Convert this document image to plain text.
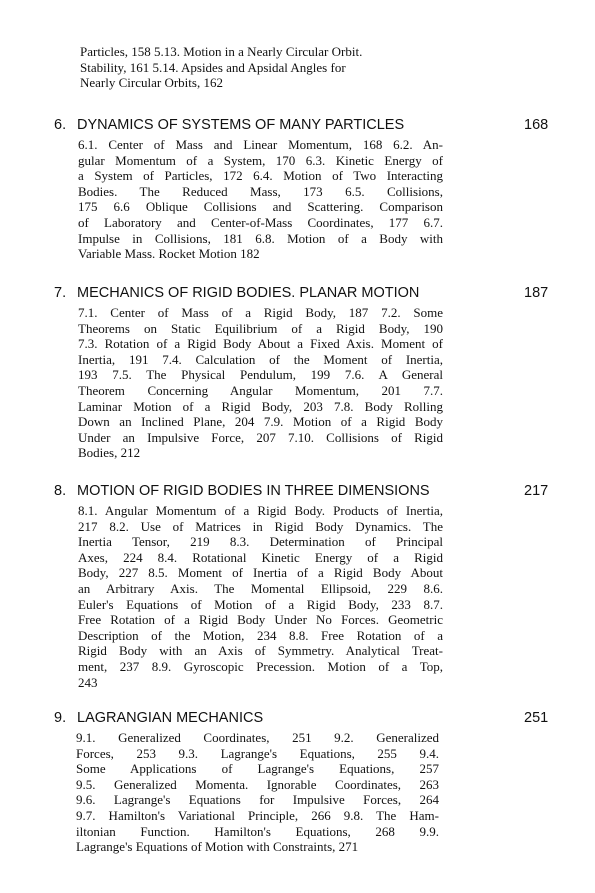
Particles, 158 5.13. Motion in a Nearly Circular Orbit.
Stability, 161 5.14. Apsides and Apsidal Angles for
Nearly Circular Orbits, 162
6. DYNAMICS OF SYSTEMS OF MANY PARTICLES	168
6.1. Center of Mass and Linear Momentum, 168 6.2. An-
gular Momentum of a System, 170 6.3. Kinetic Energy of
a System of Particles, 172 6.4. Motion of Two Interacting
Bodies. The Reduced Mass, 173 6.5. Collisions,
175 6.6 Oblique Collisions and Scattering. Comparison
of Laboratory and Center-of-Mass Coordinates, 177 6.7.
Impulse in Collisions, 181 6.8. Motion of a Body with
Variable Mass. Rocket Motion 182
7. MECHANICS OF RIGID BODIES. PLANAR MOTION	187
7.1. Center of Mass of a Rigid Body, 187 7.2. Some
Theorems on Static Equilibrium of a Rigid Body, 190
7.3. Rotation of a Rigid Body About a Fixed Axis. Moment of
Inertia, 191 7.4. Calculation of the Moment of Inertia,
193 7.5. The Physical Pendulum, 199 7.6. A General
Theorem Concerning Angular Momentum, 201 7.7.
Laminar Motion of a Rigid Body, 203 7.8. Body Rolling
Down an Inclined Plane, 204 7.9. Motion of a Rigid Body
Under an Impulsive Force, 207 7.10. Collisions of Rigid
Bodies, 212
8. MOTION OF RIGID BODIES IN THREE DIMENSIONS	217
8.1. Angular Momentum of a Rigid Body. Products of Inertia,
217 8.2. Use of Matrices in Rigid Body Dynamics. The
Inertia Tensor, 219 8.3. Determination of Principal
Axes, 224 8.4. Rotational Kinetic Energy of a Rigid
Body, 227 8.5. Moment of Inertia of a Rigid Body About
an Arbitrary Axis. The Momental Ellipsoid, 229 8.6.
Euler's Equations of Motion of a Rigid Body, 233 8.7.
Free Rotation of a Rigid Body Under No Forces. Geometric
Description of the Motion, 234 8.8. Free Rotation of a
Rigid Body with an Axis of Symmetry. Analytical Treat-
ment, 237 8.9. Gyroscopic Precession. Motion of a Top,
243
9. LAGRANGIAN MECHANICS	251
9.1. Generalized Coordinates, 251 9.2. Generalized
Forces, 253 9.3. Lagrange's Equations, 255 9.4.
Some Applications of Lagrange's Equations, 257
9.5. Generalized Momenta. Ignorable Coordinates, 263
9.6. Lagrange's Equations for Impulsive Forces, 264
9.7. Hamilton's Variational Principle, 266 9.8. The Ham-
iltonian Function. Hamilton's Equations, 268 9.9.
Lagrange's Equations of Motion with Constraints, 271
